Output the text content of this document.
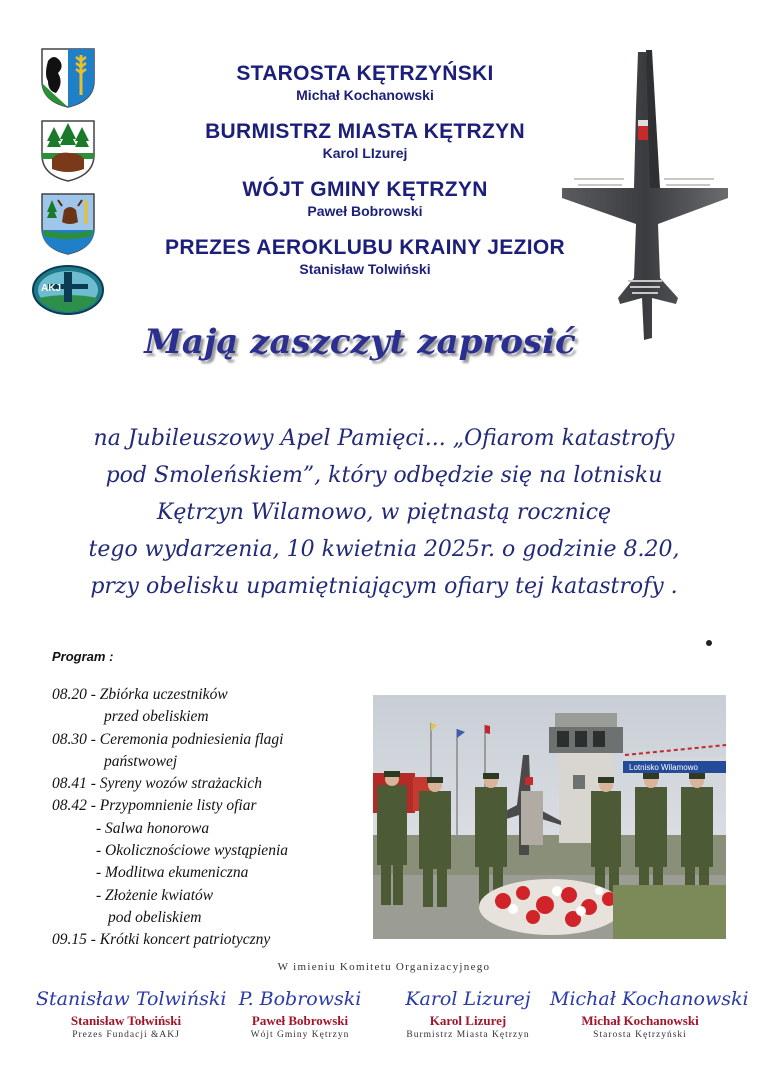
AKJ
STAROSTA KĘTRZYŃSKI
Michał Kochanowski
BURMISTRZ MIASTA KĘTRZYN
Karol LIzurej
WÓJT GMINY KĘTRZYN
Paweł Bobrowski
PREZES AEROKLUBU KRAINY JEZIOR
Stanisław Tolwiński
Mają zaszczyt zaprosić
na Jubileuszowy Apel Pamięci... „Ofiarom katastrofy
pod Smoleńskiem”, który odbędzie się na lotnisku
Kętrzyn Wilamowo, w piętnastą rocznicę
tego wydarzenia, 10 kwietnia 2025r. o godzinie 8.20,
przy obelisku upamiętniającym ofiary tej katastrofy .
Program :
08.20 - Zbiórka uczestników
przed obeliskiem
08.30 - Ceremonia podniesienia flagi
państwowej
08.41 - Syreny wozów strażackich
08.42 - Przypomnienie listy ofiar
- Salwa honorowa
- Okolicznościowe wystąpienia
- Modlitwa ekumeniczna
- Złożenie kwiatów
pod obeliskiem
09.15 - Krótki koncert patriotyczny
Lotnisko Wilamowo
W imieniu Komitetu Organizacyjnego
Stanisław Tolwiński
Stanisław Tołwiński
Prezes Fundacji &AKJ
P. Bobrowski
Paweł Bobrowski
Wójt Gminy Kętrzyn
Karol Lizurej
Karol Lizurej
Burmistrz Miasta Kętrzyn
Michał Kochanowski
Michał Kochanowski
Starosta Kętrzyński
